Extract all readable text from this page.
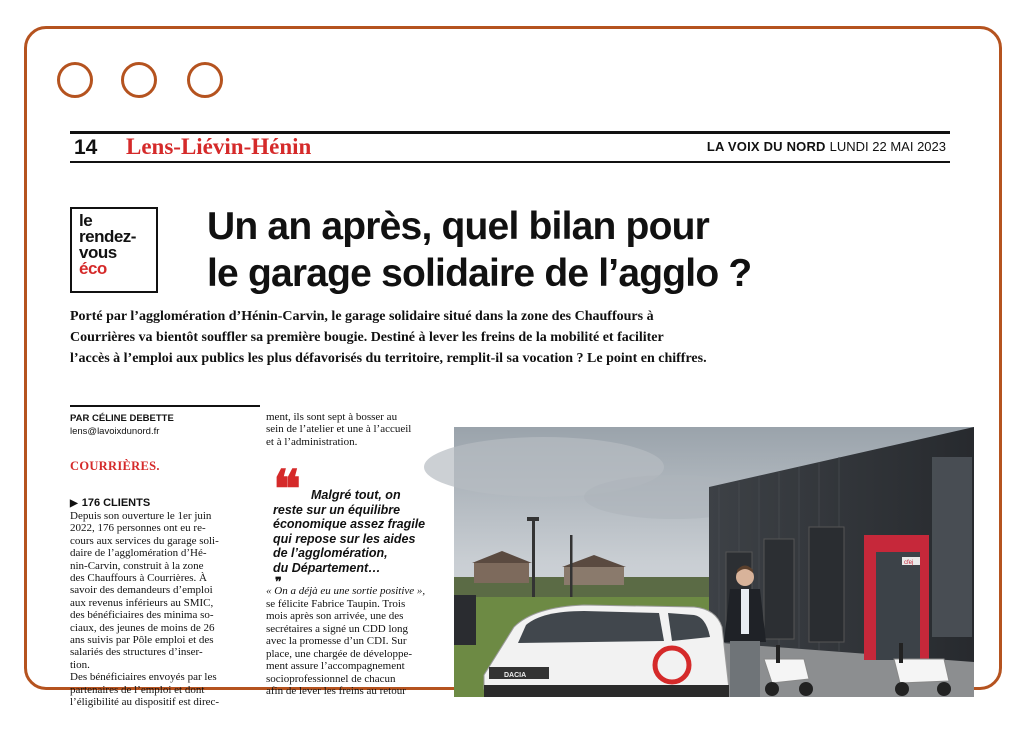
14 Lens-Liévin-Hénin	LA VOIX DU NORD LUNDI 22 MAI 2023
le
rendez-
vous
éco
Un an après, quel bilan pour
le garage solidaire de l’agglo ?
Porté par l’agglomération d’Hénin-Carvin, le garage solidaire situé dans la zone des Chauffours à
Courrières va bientôt souffler sa première bougie. Destiné à lever les freins de la mobilité et faciliter
l’accès à l’emploi aux publics les plus défavorisés du territoire, remplit-il sa vocation ? Le point en chiffres.
PAR CÉLINE DEBETTE
lens@lavoixdunord.fr
COURRIÈRES.
▶ 176 CLIENTS
Depuis son ouverture le 1er juin
2022, 176 personnes ont eu re-
cours aux services du garage soli-
daire de l’agglomération d’Hé-
nin-Carvin, construit à la zone
des Chauffours à Courrières. À
savoir des demandeurs d’emploi
aux revenus inférieurs au SMIC,
des bénéficiaires des minima so-
ciaux, des jeunes de moins de 26
ans suivis par Pôle emploi et des
salariés des structures d’inser-
tion.
Des bénéficiaires envoyés par les
partenaires de l’emploi et dont
l’éligibilité au dispositif est direc-
ment, ils sont sept à bosser au
sein de l’atelier et une à l’accueil
et à l’administration.
❝	Malgré tout, on
reste sur un équilibre
économique assez fragile
qui repose sur les aides
de l’agglomération,
du Département…
❞
« On a déjà eu une sortie positive »,
se félicite Fabrice Taupin. Trois
mois après son arrivée, une des
secrétaires a signé un CDD long
avec la promesse d’un CDI. Sur
place, une chargée de développe-
ment assure l’accompagnement
socioprofessionnel de chacun
afin de lever les freins au retour
cfej
DACIA
